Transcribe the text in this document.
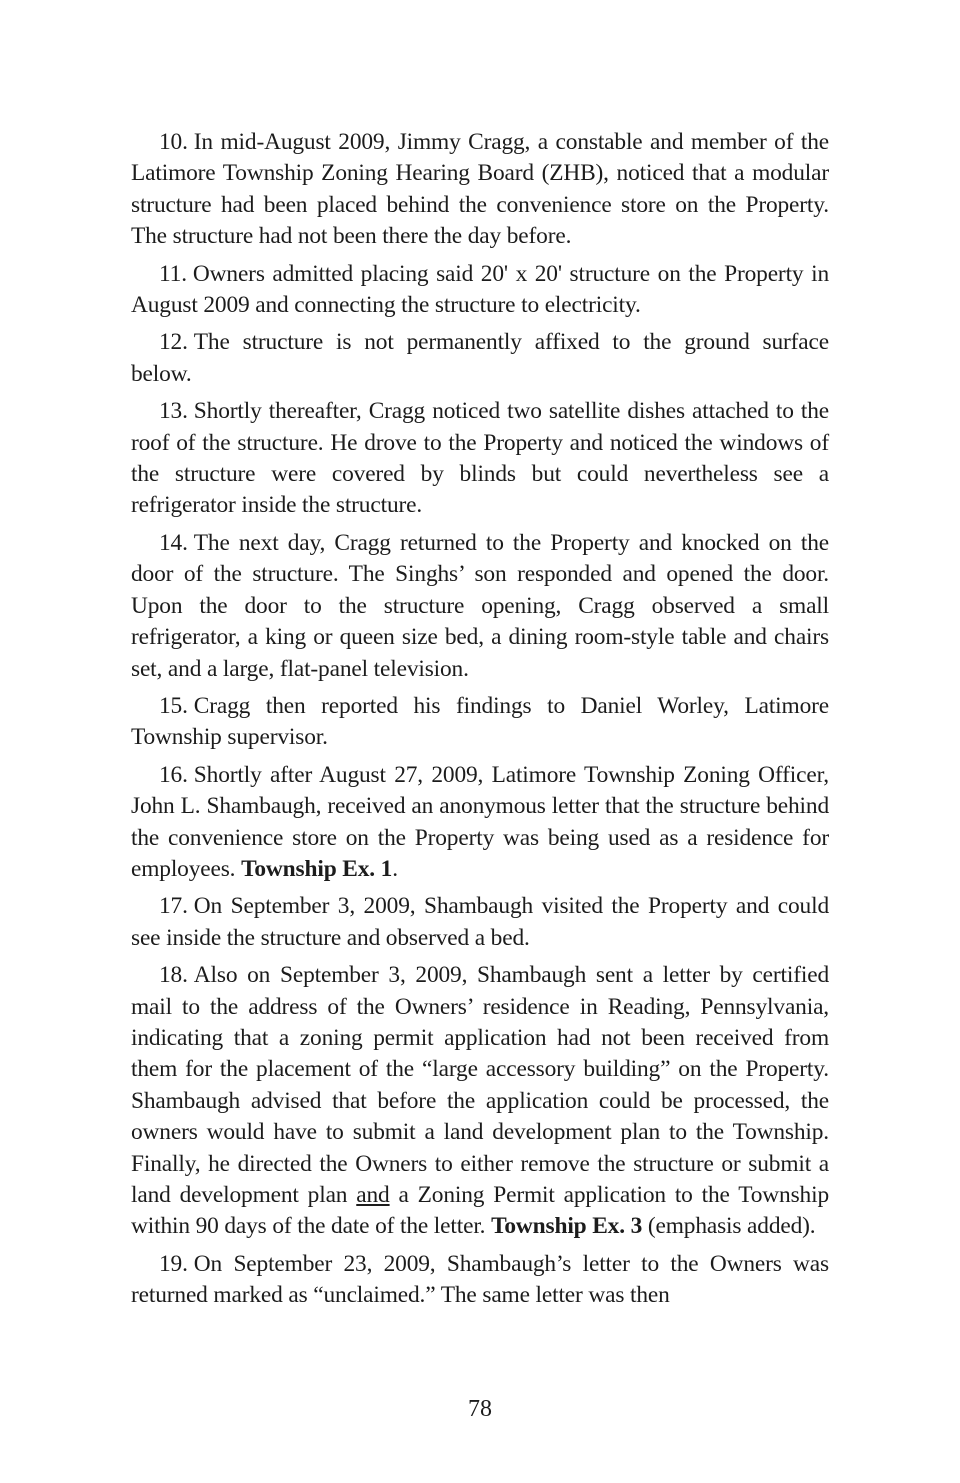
10. In mid-August 2009, Jimmy Cragg, a constable and member of the Latimore Township Zoning Hearing Board (ZHB), noticed that a modular structure had been placed behind the convenience store on the Property. The structure had not been there the day before.

11. Owners admitted placing said 20' x 20' structure on the Property in August 2009 and connecting the structure to electricity.

12. The structure is not permanently affixed to the ground surface below.

13. Shortly thereafter, Cragg noticed two satellite dishes attached to the roof of the structure. He drove to the Property and noticed the windows of the structure were covered by blinds but could nevertheless see a refrigerator inside the structure.

14. The next day, Cragg returned to the Property and knocked on the door of the structure. The Singhs’ son responded and opened the door. Upon the door to the structure opening, Cragg observed a small refrigerator, a king or queen size bed, a dining room-style table and chairs set, and a large, flat-panel television.

15. Cragg then reported his findings to Daniel Worley, Latimore Township supervisor.

16. Shortly after August 27, 2009, Latimore Township Zoning Officer, John L. Shambaugh, received an anonymous letter that the structure behind the convenience store on the Property was being used as a residence for employees. Township Ex. 1.

17. On September 3, 2009, Shambaugh visited the Property and could see inside the structure and observed a bed.

18. Also on September 3, 2009, Shambaugh sent a letter by certified mail to the address of the Owners’ residence in Reading, Pennsylvania, indicating that a zoning permit application had not been received from them for the placement of the “large accessory building” on the Property. Shambaugh advised that before the application could be processed, the owners would have to submit a land development plan to the Township. Finally, he directed the Owners to either remove the structure or submit a land development plan and a Zoning Permit application to the Township within 90 days of the date of the letter. Township Ex. 3 (emphasis added).

19. On September 23, 2009, Shambaugh’s letter to the Owners was returned marked as “unclaimed.” The same letter was then

78
